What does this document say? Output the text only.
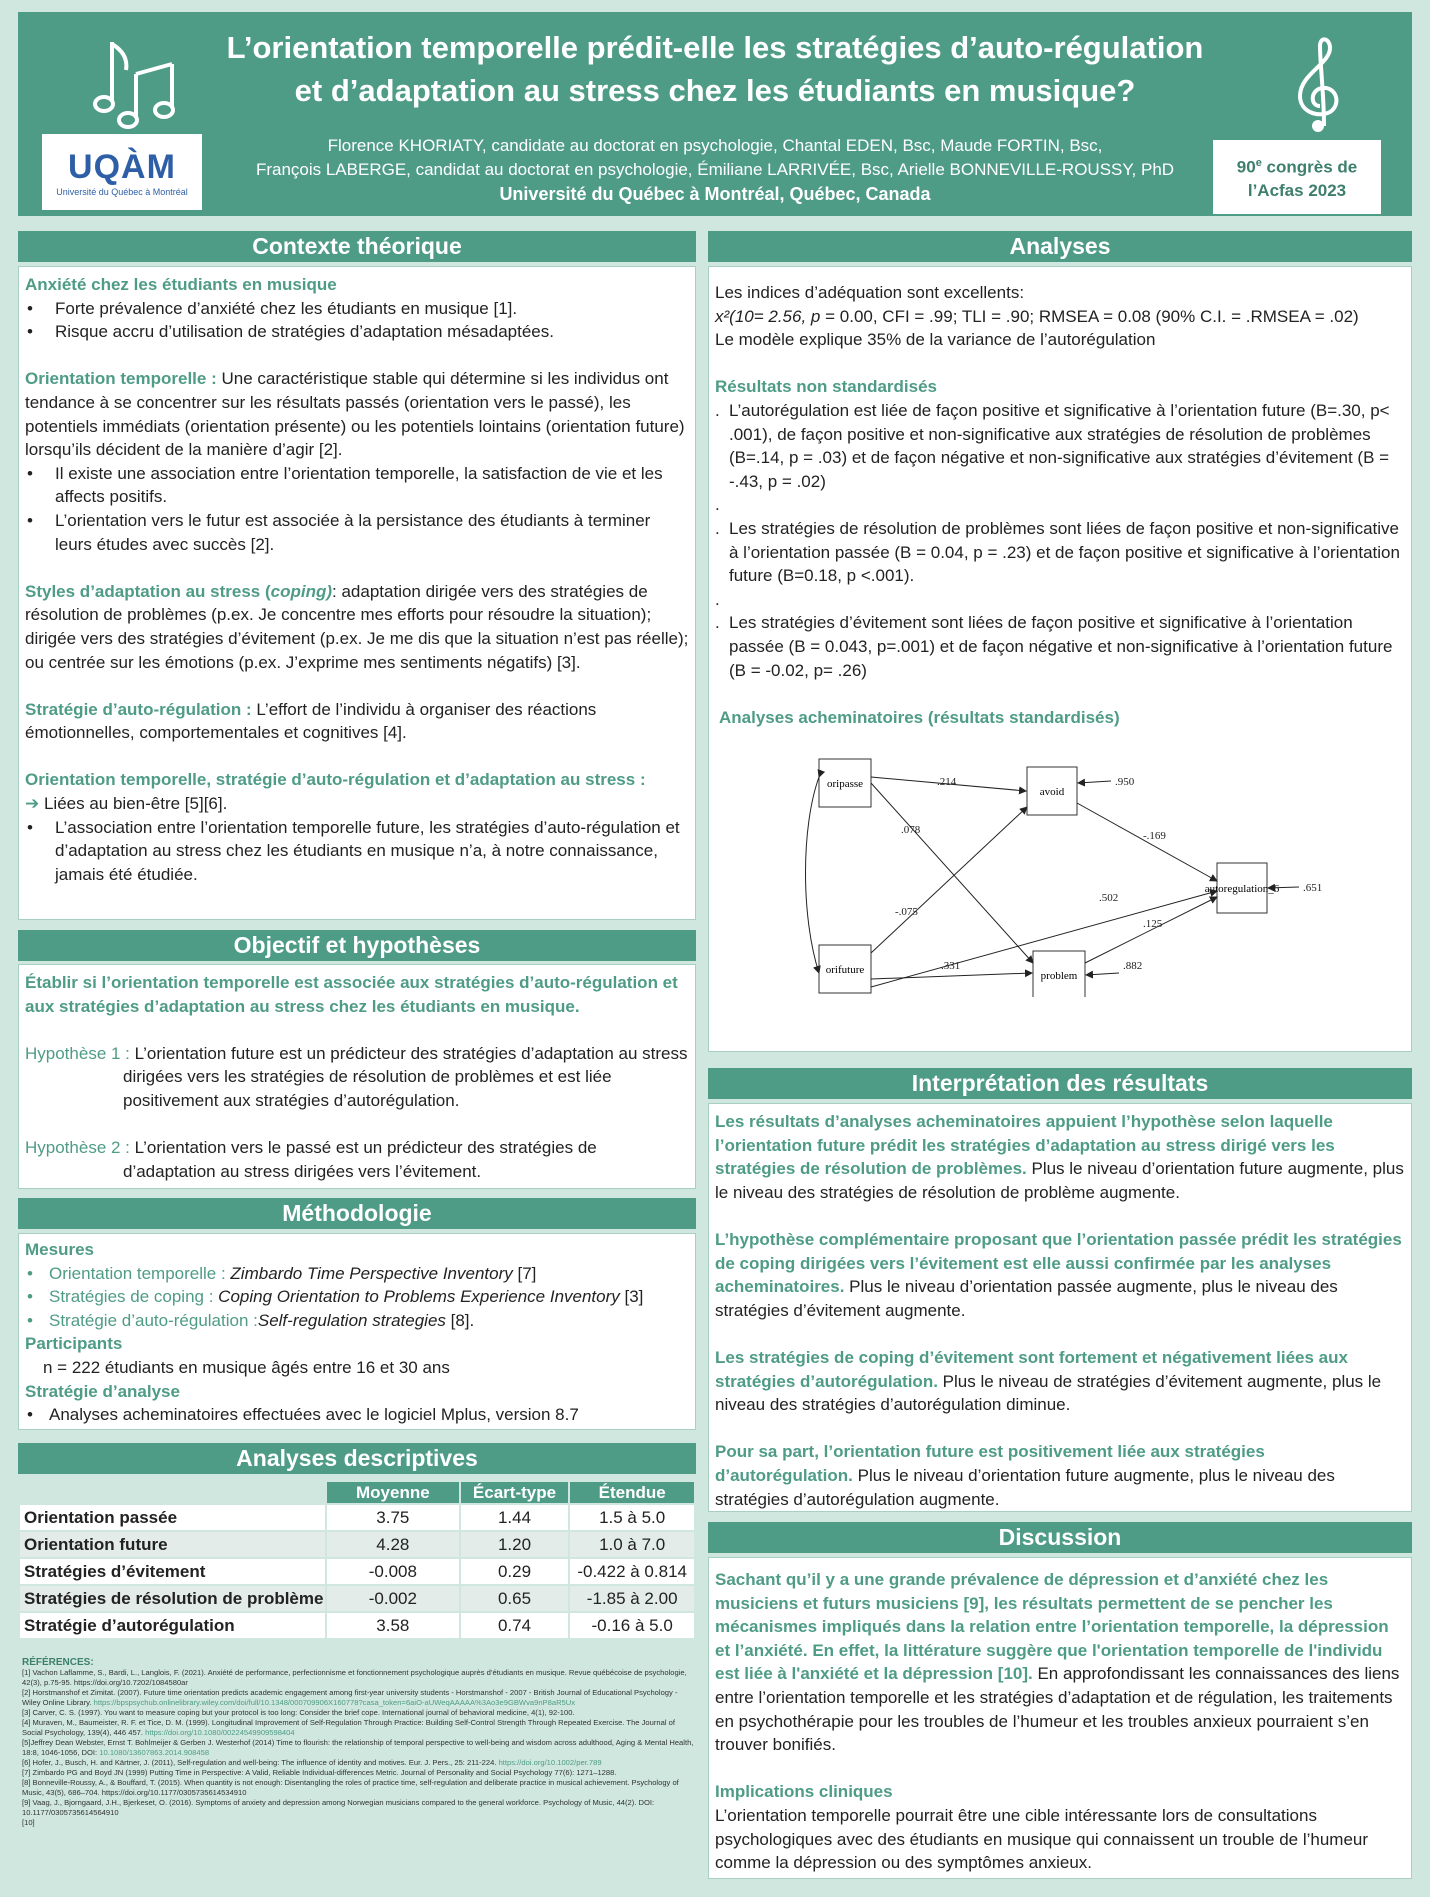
L’orientation temporelle prédit-elle les stratégies d’auto-régulation
et d’adaptation au stress chez les étudiants en musique?
Florence KHORIATY, candidate au doctorat en psychologie, Chantal EDEN, Bsc, Maude FORTIN, Bsc,
François LABERGE, candidat au doctorat en psychologie, Émiliane LARRIVÉE, Bsc, Arielle BONNEVILLE-ROUSSY, PhD
Université du Québec à Montréal, Québec, Canada
UQÀM
Université du Québec à Montréal
90e congrès de
l’Acfas 2023
Contexte théorique
Anxiété chez les étudiants en musique
• Forte prévalence d’anxiété chez les étudiants en musique [1].
• Risque accru d’utilisation de stratégies d’adaptation mésadaptées.
Orientation temporelle : Une caractéristique stable qui détermine si les individus ont tendance à se concentrer sur les résultats passés (orientation vers le passé), les potentiels immédiats (orientation présente) ou les potentiels lointains (orientation future) lorsqu’ils décident de la manière d’agir [2].
• Il existe une association entre l’orientation temporelle, la satisfaction de vie et les affects positifs.
• L’orientation vers le futur est associée à la persistance des étudiants à terminer leurs études avec succès [2].
Styles d’adaptation au stress (coping): adaptation dirigée vers des stratégies de résolution de problèmes (p.ex. Je concentre mes efforts pour résoudre la situation); dirigée vers des stratégies d’évitement (p.ex. Je me dis que la situation n’est pas réelle); ou centrée sur les émotions (p.ex. J’exprime mes sentiments négatifs) [3].
Stratégie d’auto-régulation : L’effort de l’individu à organiser des réactions émotionnelles, comportementales et cognitives [4].
Orientation temporelle, stratégie d’auto-régulation et d’adaptation au stress :
➔ Liées au bien-être [5][6].
• L’association entre l’orientation temporelle future, les stratégies d’auto-régulation et d’adaptation au stress chez les étudiants en musique n’a, à notre connaissance, jamais été étudiée.
Objectif et hypothèses
Établir si l’orientation temporelle est associée aux stratégies d’auto-régulation et aux stratégies d’adaptation au stress chez les étudiants en musique.
Hypothèse 1 : L’orientation future est un prédicteur des stratégies d’adaptation au stress dirigées vers les stratégies de résolution de problèmes et est liée positivement aux stratégies d’autorégulation.
Hypothèse 2 : L’orientation vers le passé est un prédicteur des stratégies de d’adaptation au stress dirigées vers l’évitement.
Méthodologie
Mesures
• Orientation temporelle : Zimbardo Time Perspective Inventory [7]
• Stratégies de coping : Coping Orientation to Problems Experience Inventory [3]
• Stratégie d’auto-régulation :Self-regulation strategies [8].
Participants
n = 222 étudiants en musique âgés entre 16 et 30 ans
Stratégie d’analyse
• Analyses acheminatoires effectuées avec le logiciel Mplus, version 8.7
Analyses descriptives
	Moyenne	Écart-type	Étendue
Orientation passée	3.75	1.44	1.5 à 5.0
Orientation future	4.28	1.20	1.0 à 7.0
Stratégies d’évitement	-0.008	0.29	-0.422 à 0.814
Stratégies de résolution de problème	-0.002	0.65	-1.85 à 2.00
Stratégie d’autorégulation	3.58	0.74	-0.16 à 5.0
RÉFÉRENCES:
[1] Vachon Laflamme, S., Bardi, L., Langlois, F. (2021). Anxiété de performance, perfectionnisme et fonctionnement psychologique auprès d’étudiants en musique. Revue québécoise de psychologie, 42(3), p.75-95. https://doi.org/10.7202/1084580ar
[2] Horstmanshof et Zimitat. (2007). Future time orientation predicts academic engagement among first-year university students - Horstmanshof - 2007 - British Journal of Educational Psychology - Wiley Online Library. https://bpspsychub.onlinelibrary.wiley.com/doi/full/10.1348/000709906X160778?casa_token=6aiO-aUWeqAAAAA%3Ao3e9GBWva9nP8aR5Ux
[3] Carver, C. S. (1997). You want to measure coping but your protocol is too long: Consider the brief cope. International journal of behavioral medicine, 4(1), 92-100.
[4] Muraven, M., Baumeister, R. F. et Tice, D. M. (1999). Longitudinal Improvement of Self-Regulation Through Practice: Building Self-Control Strength Through Repeated Exercise. The Journal of Social Psychology, 139(4), 446 457. https://doi.org/10.1080/00224549909598404
[5]Jeffrey Dean Webster, Ernst T. Bohlmeijer & Gerben J. Westerhof (2014) Time to flourish: the relationship of temporal perspective to well-being and wisdom across adulthood, Aging & Mental Health, 18:8, 1046-1056, DOI: 10.1080/13607863.2014.908458
[6] Hofer, J., Busch, H. and Kärtner, J. (2011), Self-regulation and well-being: The influence of identity and motives. Eur. J. Pers., 25: 211-224. https://doi.org/10.1002/per.789
[7] Zimbardo PG and Boyd JN (1999) Putting Time in Perspective: A Valid, Reliable Individual-differences Metric. Journal of Personality and Social Psychology 77(6): 1271–1288.
[8] Bonneville-Roussy, A., & Bouffard, T. (2015). When quantity is not enough: Disentangling the roles of practice time, self-regulation and deliberate practice in musical achievement. Psychology of Music, 43(5), 686–704. https://doi.org/10.1177/0305735614534910
[9] Vaag, J., Bjorngaard, J.H., Bjerkeset, O. (2016). Symptoms of anxiety and depression among Norwegian musicians compared to the general workforce. Psychology of Music, 44(2). DOI: 10.1177/0305735614564910
[10]
Analyses
Les indices d’adéquation sont excellents:
x²(10= 2.56, p = 0.00, CFI = .99; TLI = .90; RMSEA = 0.08 (90% C.I. = .RMSEA = .02)
Le modèle explique 35% de la variance de l’autorégulation
Résultats non standardisés
. L’autorégulation est liée de façon positive et significative à l’orientation future (B=.30, p< .001), de façon positive et non-significative aux stratégies de résolution de problèmes (B=.14, p = .03) et de façon négative et non-significative aux stratégies d’évitement (B = -.43, p = .02)
.
. Les stratégies de résolution de problèmes sont liées de façon positive et non-significative à l’orientation passée (B = 0.04, p = .23) et de façon positive et significative à l’orientation future (B=0.18, p <.001).
.
. Les stratégies d’évitement sont liées de façon positive et significative à l’orientation passée (B = 0.043, p=.001) et de façon négative et non-significative à l’orientation future (B = -0.02, p= .26)
Analyses acheminatoires (résultats standardisés)
oripasse
orifuture
avoid
problem
autoregulation_6
.214
.078
-.075
.331
-.169
.125
.502
.950
.882
.651
Interprétation des résultats
Les résultats d’analyses acheminatoires appuient l’hypothèse selon laquelle l’orientation future prédit les stratégies d’adaptation au stress dirigé vers les stratégies de résolution de problèmes. Plus le niveau d’orientation future augmente, plus le niveau des stratégies de résolution de problème augmente.
L’hypothèse complémentaire proposant que l’orientation passée prédit les stratégies de coping dirigées vers l’évitement est elle aussi confirmée par les analyses acheminatoires. Plus le niveau d’orientation passée augmente, plus le niveau des stratégies d’évitement augmente.
Les stratégies de coping d’évitement sont fortement et négativement liées aux stratégies d’autorégulation. Plus le niveau de stratégies d’évitement augmente, plus le niveau des stratégies d’autorégulation diminue.
Pour sa part, l’orientation future est positivement liée aux stratégies d’autorégulation. Plus le niveau d’orientation future augmente, plus le niveau des stratégies d’autorégulation augmente.
Discussion
Sachant qu’il y a une grande prévalence de dépression et d’anxiété chez les musiciens et futurs musiciens [9], les résultats permettent de se pencher les mécanismes impliqués dans la relation entre l’orientation temporelle, la dépression et l’anxiété. En effet, la littérature suggère que l'orientation temporelle de l'individu est liée à l'anxiété et la dépression [10]. En approfondissant les connaissances des liens entre l’orientation temporelle et les stratégies d’adaptation et de régulation, les traitements en psychothérapie pour les troubles de l’humeur et les troubles anxieux pourraient s’en trouver bonifiés.
Implications cliniques
L’orientation temporelle pourrait être une cible intéressante lors de consultations psychologiques avec des étudiants en musique qui connaissent un trouble de l’humeur comme la dépression ou des symptômes anxieux.
